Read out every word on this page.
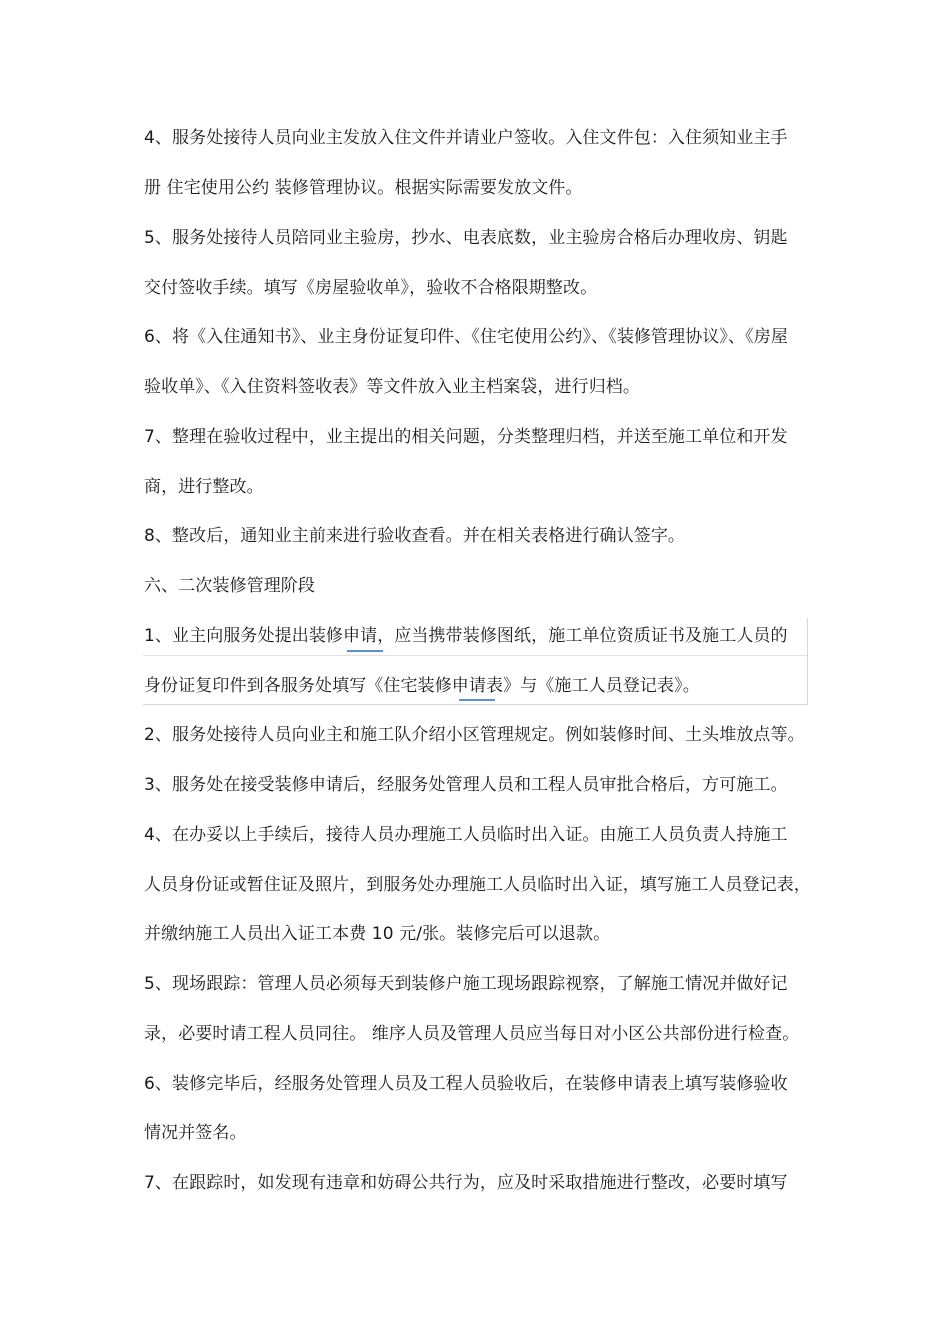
4、服务处接待人员向业主发放入住文件并请业户签收。入住文件包：入住须知业主手
册 住宅使用公约 装修管理协议。根据实际需要发放文件。
5、服务处接待人员陪同业主验房，抄水、电表底数，业主验房合格后办理收房、钥匙
交付签收手续。填写《房屋验收单》，验收不合格限期整改。
6、将《入住通知书》、业主身份证复印件、《住宅使用公约》、《装修管理协议》、《房屋
验收单》、《入住资料签收表》等文件放入业主档案袋，进行归档。
7、整理在验收过程中，业主提出的相关问题，分类整理归档，并送至施工单位和开发
商，进行整改。
8、整改后，通知业主前来进行验收查看。并在相关表格进行确认签字。
六、二次装修管理阶段
1、业主向服务处提出装修申请，应当携带装修图纸，施工单位资质证书及施工人员的
身份证复印件到各服务处填写《住宅装修申请表》与《施工人员登记表》。
2、服务处接待人员向业主和施工队介绍小区管理规定。例如装修时间、土头堆放点等。
3、服务处在接受装修申请后，经服务处管理人员和工程人员审批合格后，方可施工。
4、在办妥以上手续后，接待人员办理施工人员临时出入证。由施工人员负责人持施工
人员身份证或暂住证及照片，到服务处办理施工人员临时出入证，填写施工人员登记表，
并缴纳施工人员出入证工本费 10 元/张。装修完后可以退款。
5、现场跟踪：管理人员必须每天到装修户施工现场跟踪视察，了解施工情况并做好记
录，必要时请工程人员同往。 维序人员及管理人员应当每日对小区公共部份进行检查。
6、装修完毕后，经服务处管理人员及工程人员验收后，在装修申请表上填写装修验收
情况并签名。
7、在跟踪时，如发现有违章和妨碍公共行为，应及时采取措施进行整改，必要时填写
